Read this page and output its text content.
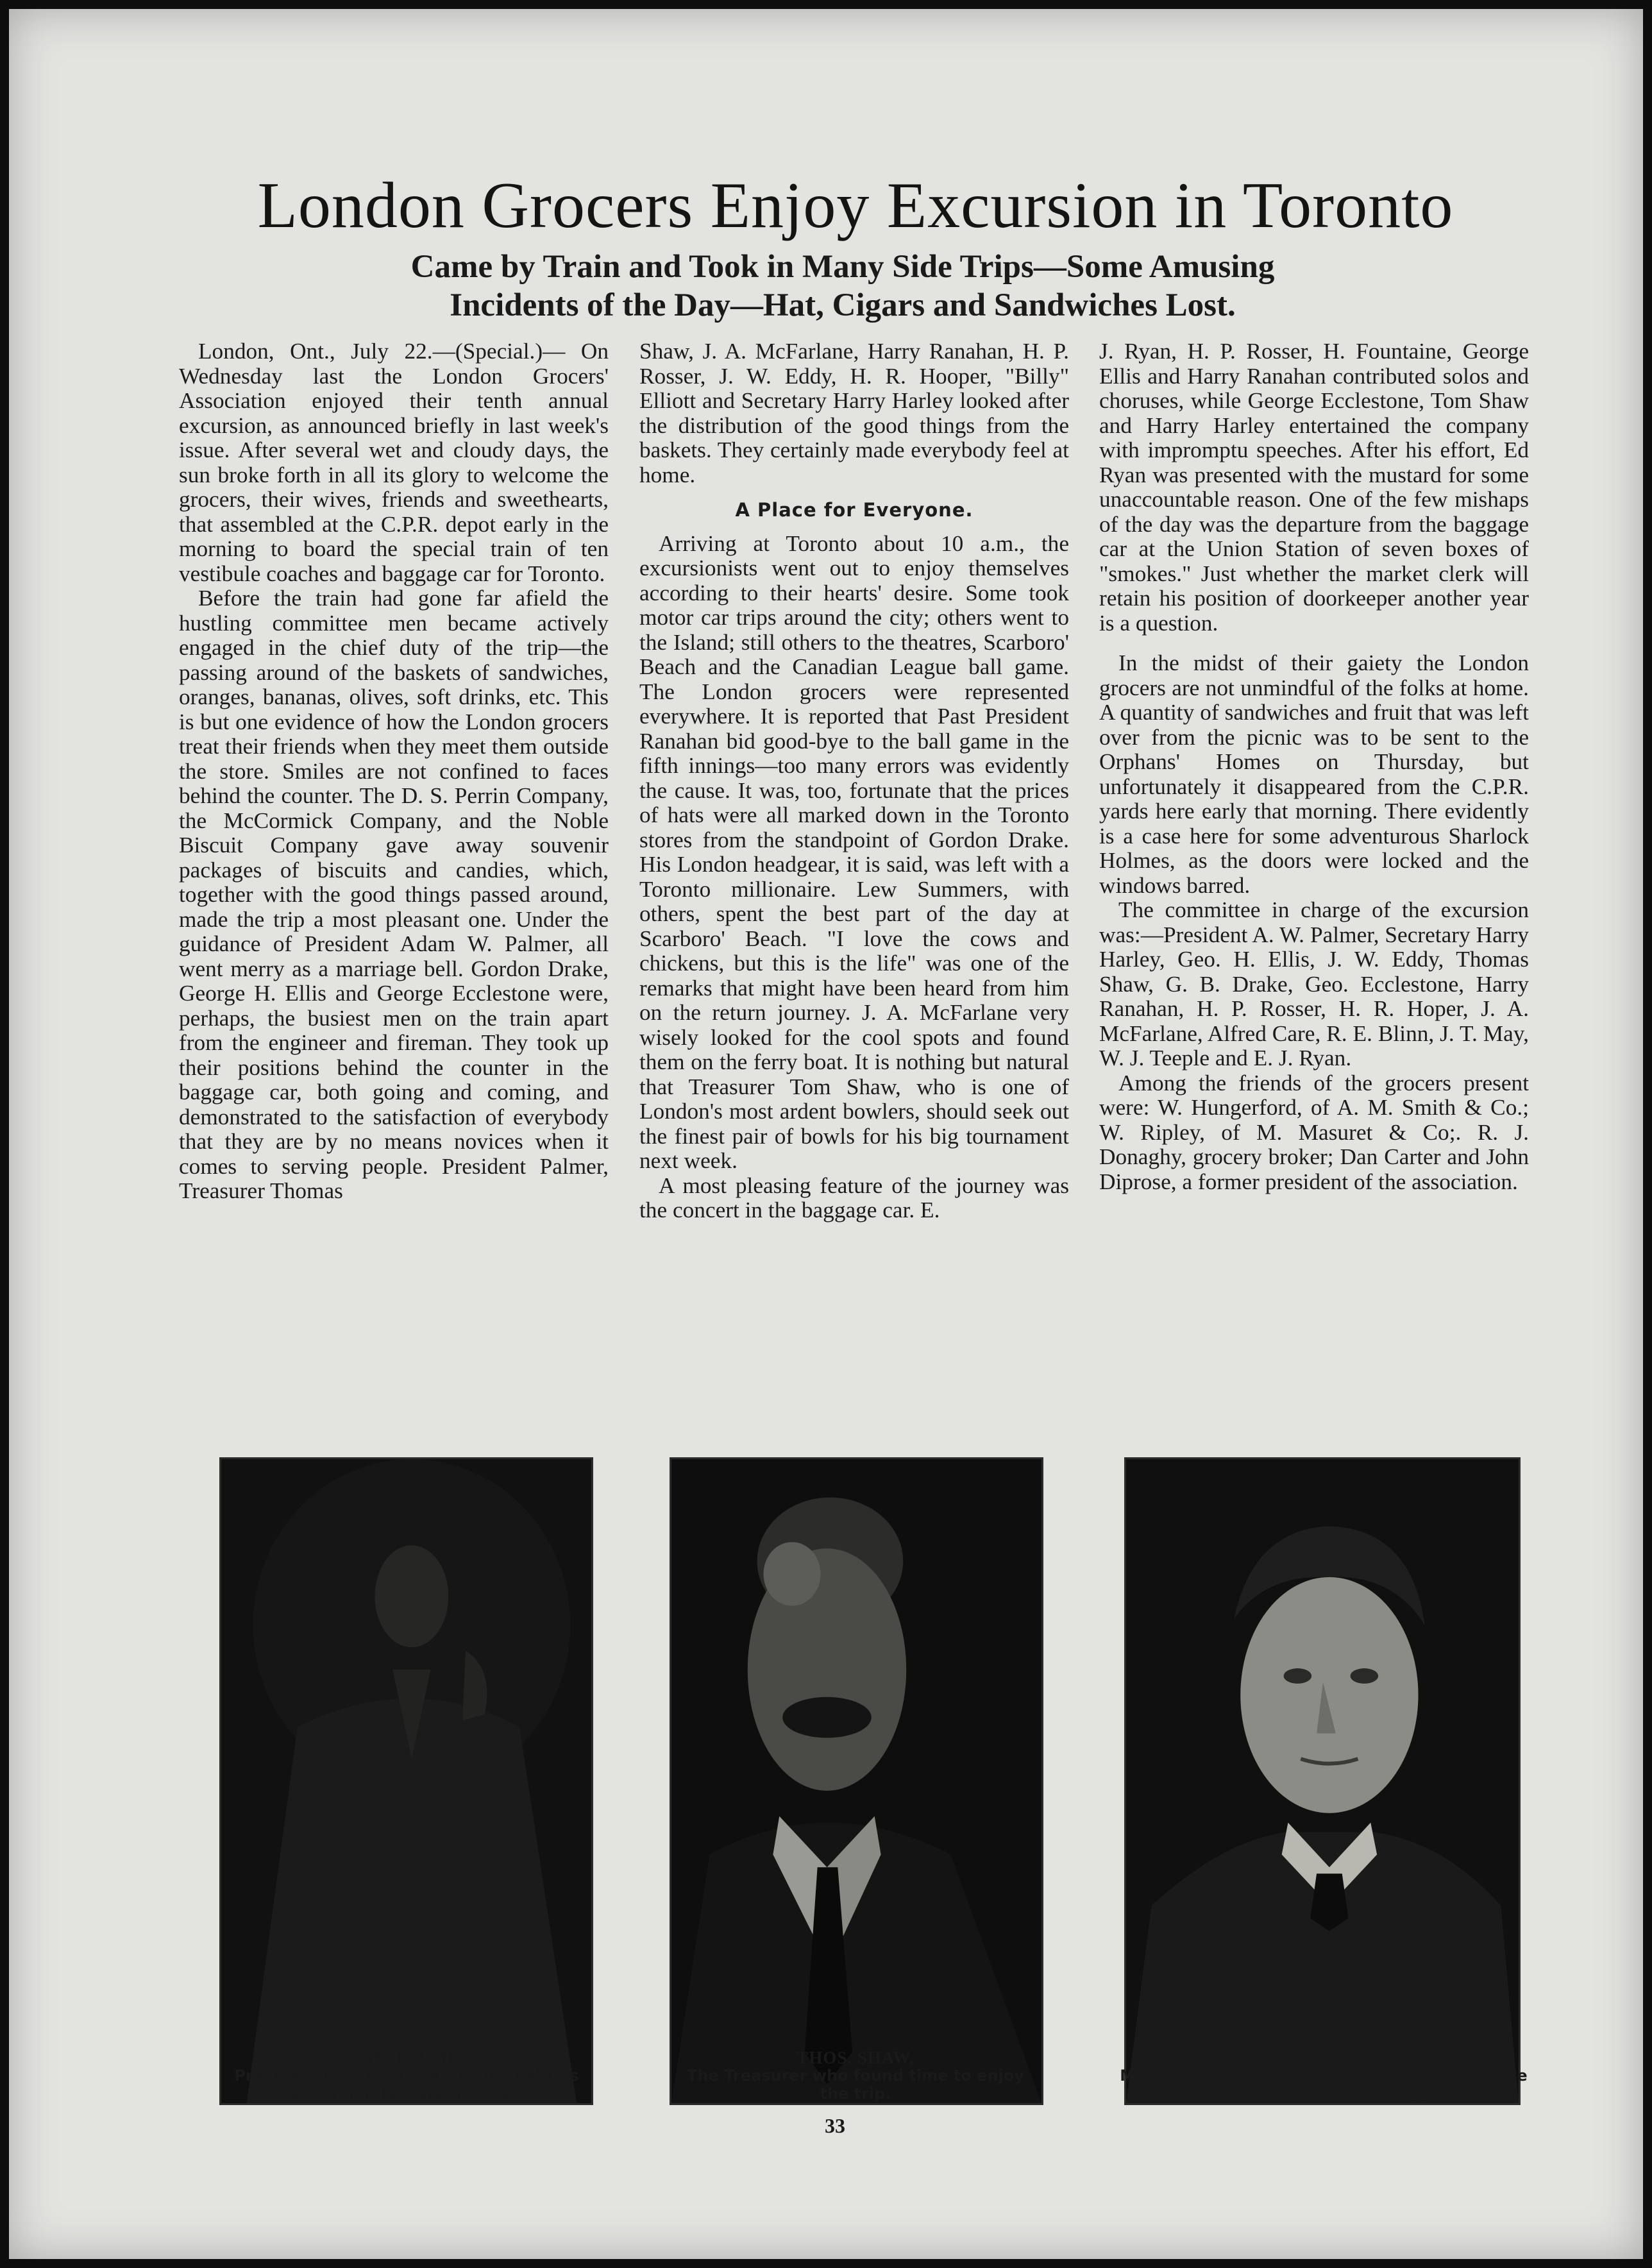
London Grocers Enjoy Excursion in Toronto
Came by Train and Took in Many Side Trips—Some Amusing
Incidents of the Day—Hat, Cigars and Sandwiches Lost.

London, Ont., July 22.—(Special.)— On Wednesday last the London Grocers' Association enjoyed their tenth annual excursion, as announced briefly in last week's issue. After several wet and cloudy days, the sun broke forth in all its glory to welcome the grocers, their wives, friends and sweethearts, that assembled at the C.P.R. depot early in the morning to board the special train of ten vestibule coaches and baggage car for Toronto.

Before the train had gone far afield the hustling committee men became actively engaged in the chief duty of the trip—the passing around of the baskets of sandwiches, oranges, bananas, olives, soft drinks, etc. This is but one evidence of how the London grocers treat their friends when they meet them outside the store. Smiles are not confined to faces behind the counter. The D. S. Perrin Company, the McCormick Company, and the Noble Biscuit Company gave away souvenir packages of biscuits and candies, which, together with the good things passed around, made the trip a most pleasant one. Under the guidance of President Adam W. Palmer, all went merry as a marriage bell. Gordon Drake, George H. Ellis and George Ecclestone were, perhaps, the busiest men on the train apart from the engineer and fireman. They took up their positions behind the counter in the baggage car, both going and coming, and demonstrated to the satisfaction of everybody that they are by no means novices when it comes to serving people. President Palmer, Treasurer Thomas

Shaw, J. A. McFarlane, Harry Ranahan, H. P. Rosser, J. W. Eddy, H. R. Hooper, "Billy" Elliott and Secretary Harry Harley looked after the distribution of the good things from the baskets. They certainly made everybody feel at home.

A Place for Everyone.

Arriving at Toronto about 10 a.m., the excursionists went out to enjoy themselves according to their hearts' desire. Some took motor car trips around the city; others went to the Island; still others to the theatres, Scarboro' Beach and the Canadian League ball game. The London grocers were represented everywhere. It is reported that Past President Ranahan bid good-bye to the ball game in the fifth innings—too many errors was evidently the cause. It was, too, fortunate that the prices of hats were all marked down in the Toronto stores from the standpoint of Gordon Drake. His London headgear, it is said, was left with a Toronto millionaire. Lew Summers, with others, spent the best part of the day at Scarboro' Beach. "I love the cows and chickens, but this is the life" was one of the remarks that might have been heard from him on the return journey. J. A. McFarlane very wisely looked for the cool spots and found them on the ferry boat. It is nothing but natural that Treasurer Tom Shaw, who is one of London's most ardent bowlers, should seek out the finest pair of bowls for his big tournament next week.

A most pleasing feature of the journey was the concert in the baggage car. E.

J. Ryan, H. P. Rosser, H. Fountaine, George Ellis and Harry Ranahan contributed solos and choruses, while George Ecclestone, Tom Shaw and Harry Harley entertained the company with impromptu speeches. After his effort, Ed Ryan was presented with the mustard for some unaccountable reason. One of the few mishaps of the day was the departure from the baggage car at the Union Station of seven boxes of "smokes." Just whether the market clerk will retain his position of doorkeeper another year is a question.

In the midst of their gaiety the London grocers are not unmindful of the folks at home. A quantity of sandwiches and fruit that was left over from the picnic was to be sent to the Orphans' Homes on Thursday, but unfortunately it disappeared from the C.P.R. yards here early that morning. There evidently is a case here for some adventurous Sharlock Holmes, as the doors were locked and the windows barred.

The committee in charge of the excursion was:—President A. W. Palmer, Secretary Harry Harley, Geo. H. Ellis, J. W. Eddy, Thomas Shaw, G. B. Drake, Geo. Ecclestone, Harry Ranahan, H. P. Rosser, H. R. Hoper, J. A. McFarlane, Alfred Care, R. E. Blinn, J. T. May, W. J. Teeple and E. J. Ryan.

Among the friends of the grocers present were: W. Hungerford, of A. M. Smith & Co.; W. Ripley, of M. Masuret & Co;. R. J. Donaghy, grocery broker; Dan Carter and John Diprose, a former president of the association.

ADAM PALMER,
President London R.G.A., which held its
excursion last Wednesday.
THOS. SHAW,
The Treasurer who found time to enjoy
the trip.
G. B. DRAKE,
Member of the committee who helped to serve
behind the counter in the baggage car.
33
